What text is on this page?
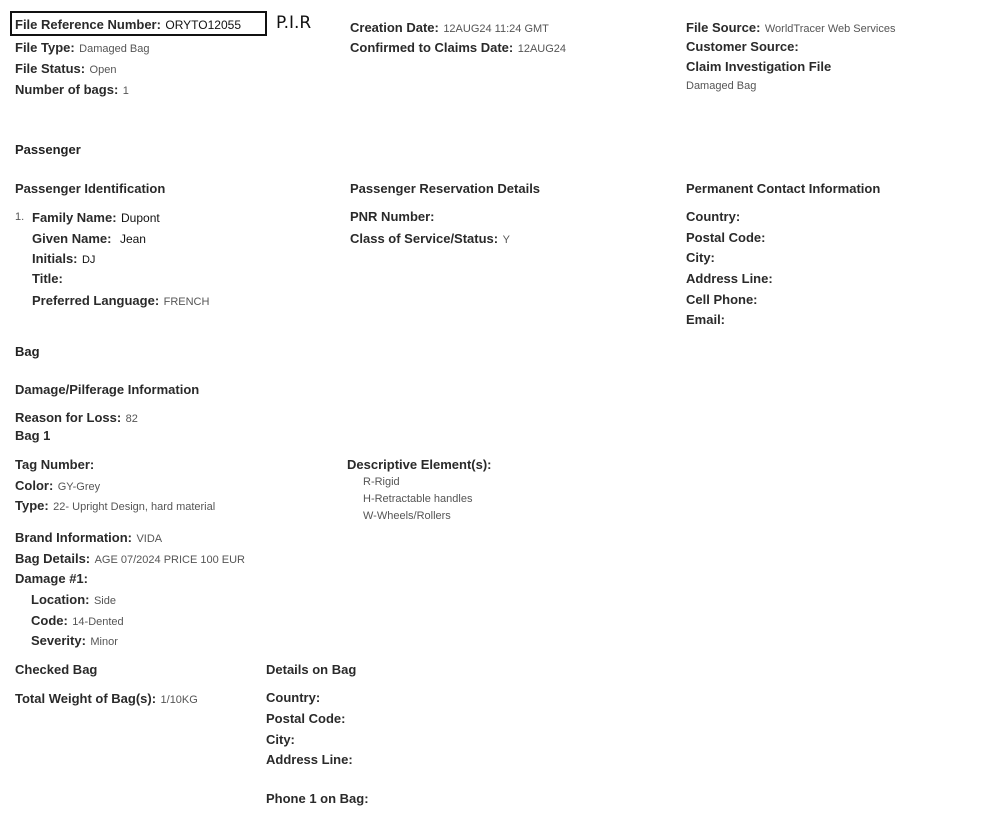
File Reference Number: ORYTO12055 P.I.R
File Type: Damaged Bag
File Status: Open
Number of bags: 1
Creation Date: 12AUG24 11:24 GMT
Confirmed to Claims Date: 12AUG24
File Source: WorldTracer Web Services
Customer Source:
Claim Investigation File
Damaged Bag
Passenger
Passenger Identification
1. Family Name: Dupont
Given Name: Jean
Initials: DJ
Title:
Preferred Language: FRENCH
Passenger Reservation Details
PNR Number:
Class of Service/Status: Y
Permanent Contact Information
Country:
Postal Code:
City:
Address Line:
Cell Phone:
Email:
Bag
Damage/Pilferage Information
Reason for Loss: 82
Bag 1
Tag Number:
Color: GY-Grey
Type: 22- Upright Design, hard material
Descriptive Element(s):
R-Rigid
H-Retractable handles
W-Wheels/Rollers
Brand Information: VIDA
Bag Details: AGE 07/2024 PRICE 100 EUR
Damage #1:
Location: Side
Code: 14-Dented
Severity: Minor
Checked Bag
Total Weight of Bag(s): 1/10KG
Details on Bag
Country:
Postal Code:
City:
Address Line:
Phone 1 on Bag:
